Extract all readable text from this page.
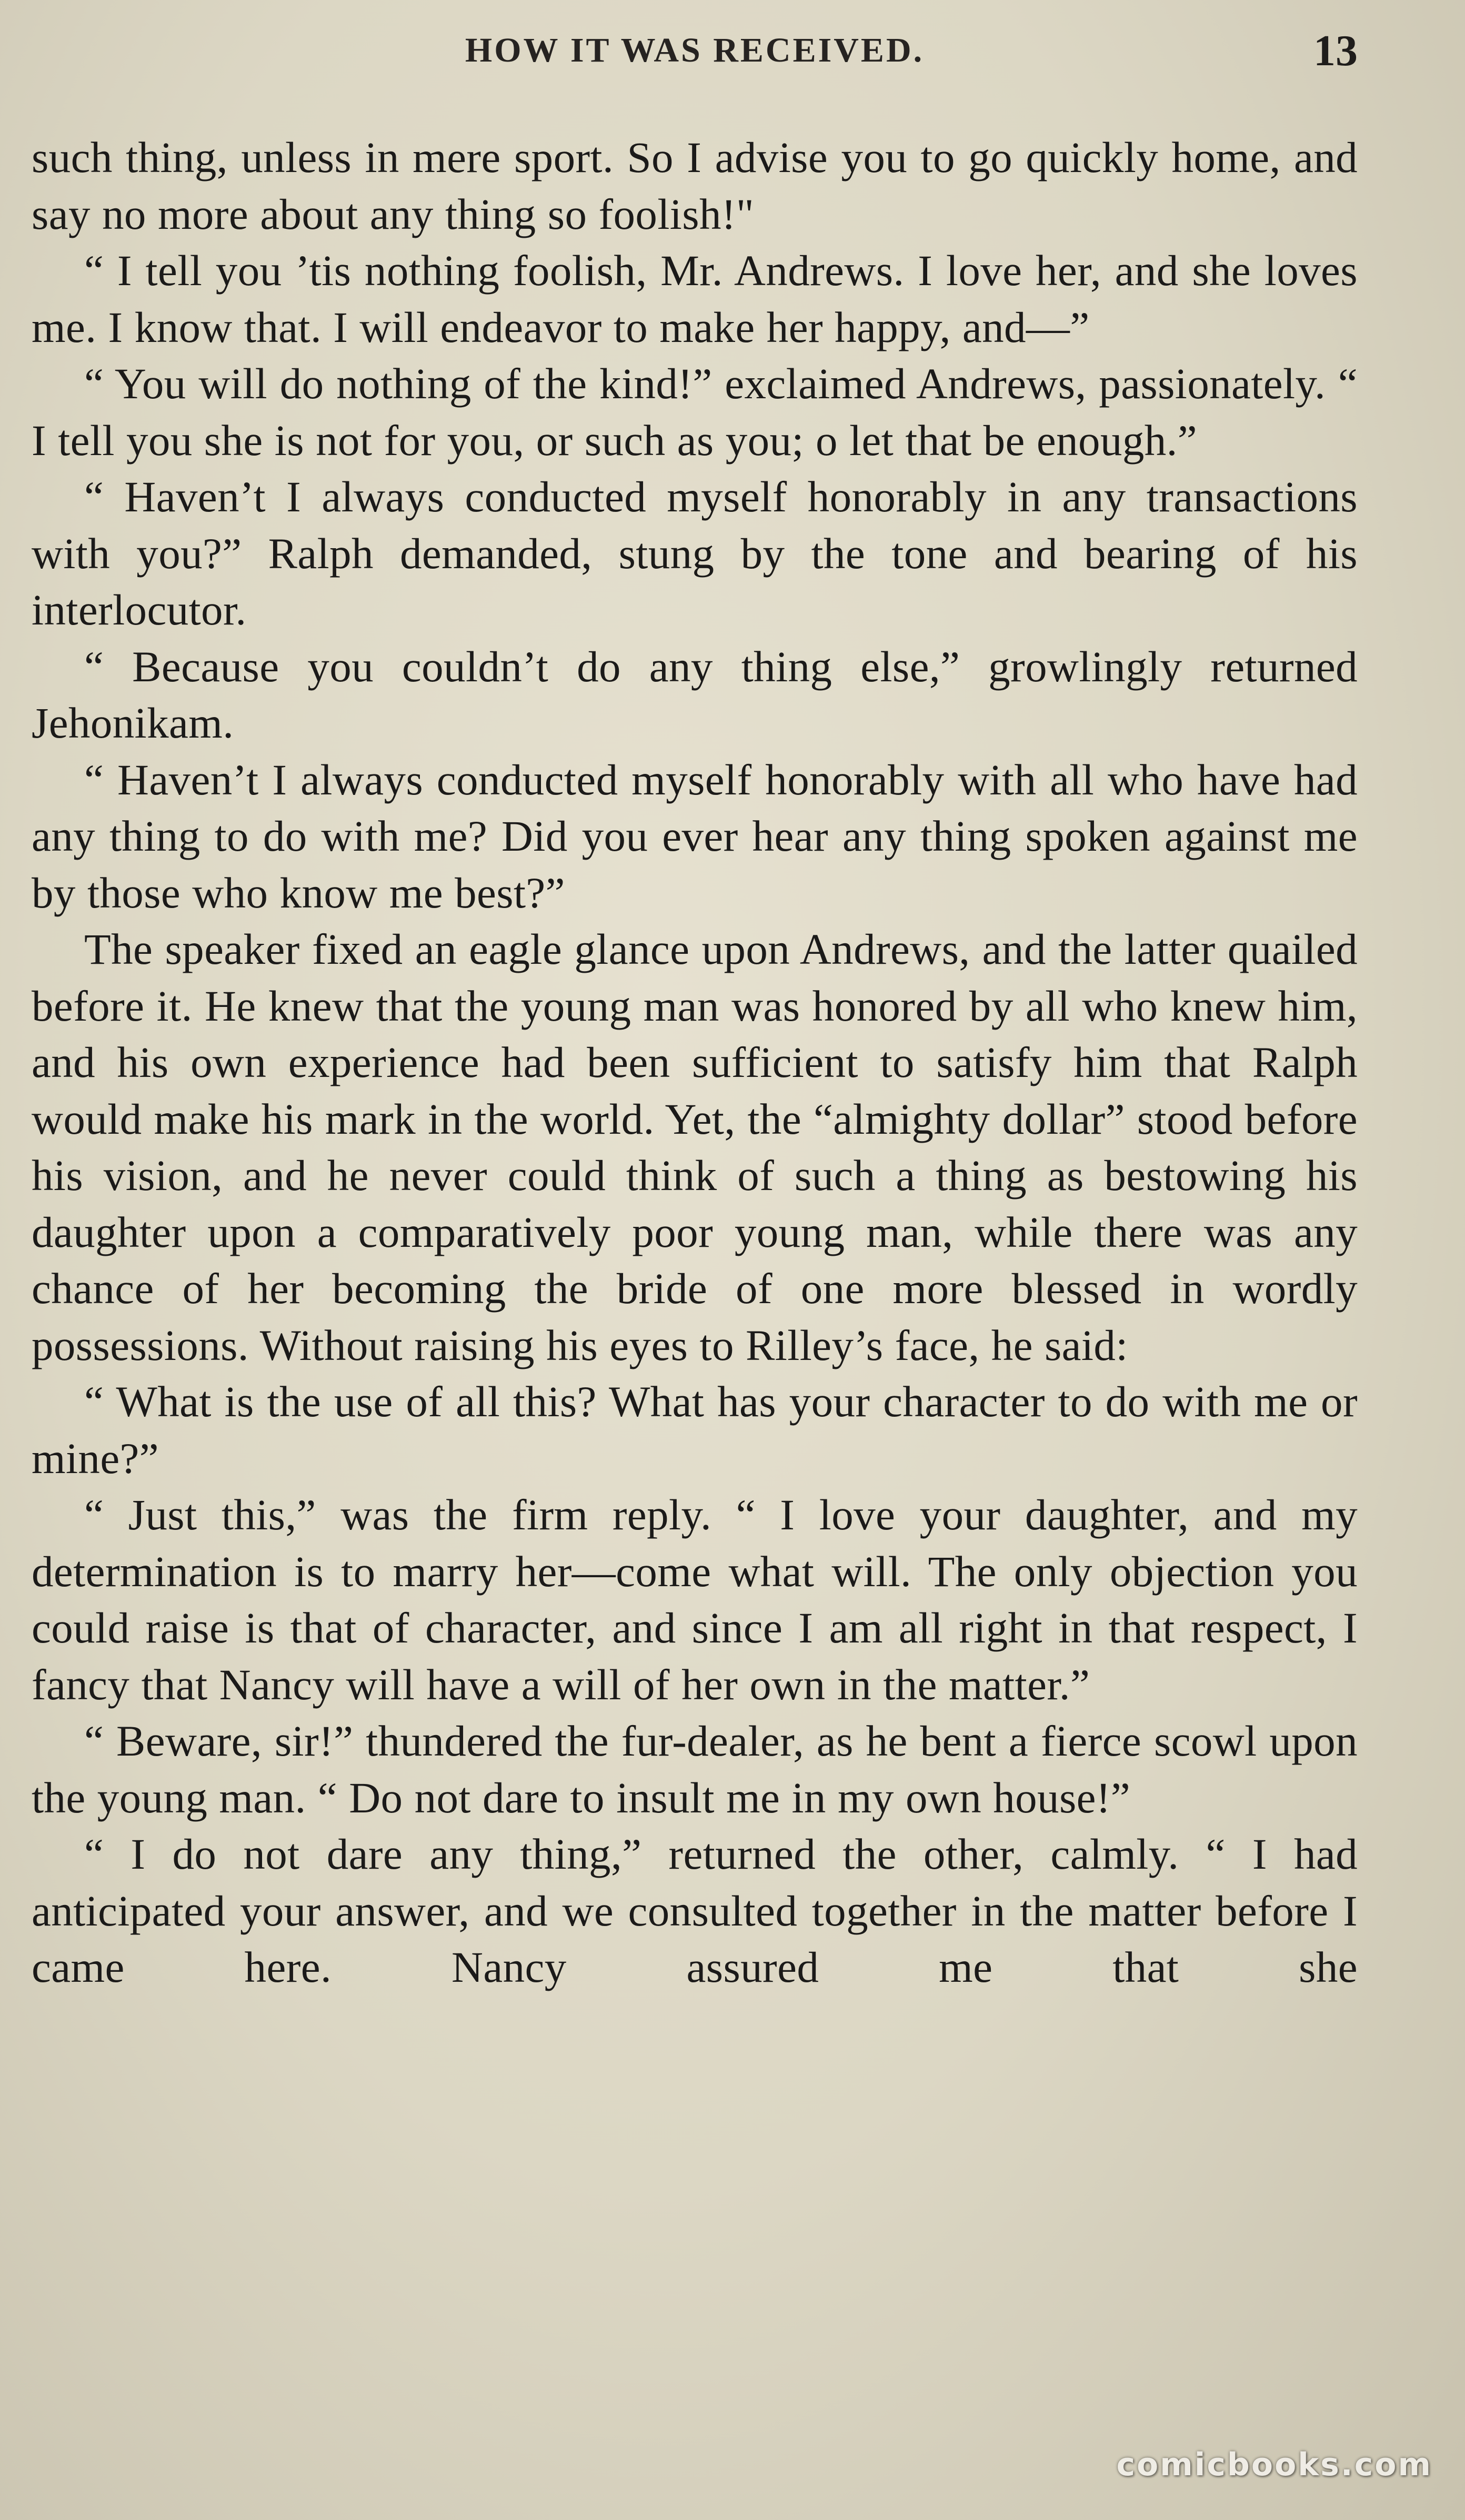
HOW IT WAS RECEIVED.	13

such thing, unless in mere sport. So I advise you to go quickly home, and say no more about any thing so foolish!"

“ I tell you ’tis nothing foolish, Mr. Andrews. I love her, and she loves me. I know that. I will endeavor to make her happy, and—”

“ You will do nothing of the kind!” exclaimed Andrews, passionately. “ I tell you she is not for you, or such as you; o let that be enough.”

“ Haven’t I always conducted myself honorably in any transactions with you?” Ralph demanded, stung by the tone and bearing of his interlocutor.

“ Because you couldn’t do any thing else,” growlingly returned Jehonikam.

“ Haven’t I always conducted myself honorably with all who have had any thing to do with me? Did you ever hear any thing spoken against me by those who know me best?”

The speaker fixed an eagle glance upon Andrews, and the latter quailed before it. He knew that the young man was honored by all who knew him, and his own experience had been sufficient to satisfy him that Ralph would make his mark in the world. Yet, the “almighty dollar” stood before his vision, and he never could think of such a thing as bestowing his daughter upon a comparatively poor young man, while there was any chance of her becoming the bride of one more blessed in wordly possessions. Without raising his eyes to Rilley’s face, he said:

“ What is the use of all this? What has your character to do with me or mine?”

“ Just this,” was the firm reply. “ I love your daughter, and my determination is to marry her—come what will. The only objection you could raise is that of character, and since I am all right in that respect, I fancy that Nancy will have a will of her own in the matter.”

“ Beware, sir!” thundered the fur-dealer, as he bent a fierce scowl upon the young man. “ Do not dare to insult me in my own house!”

“ I do not dare any thing,” returned the other, calmly. “ I had anticipated your answer, and we consulted together in the matter before I came here. Nancy assured me that she

comicbooks.com
